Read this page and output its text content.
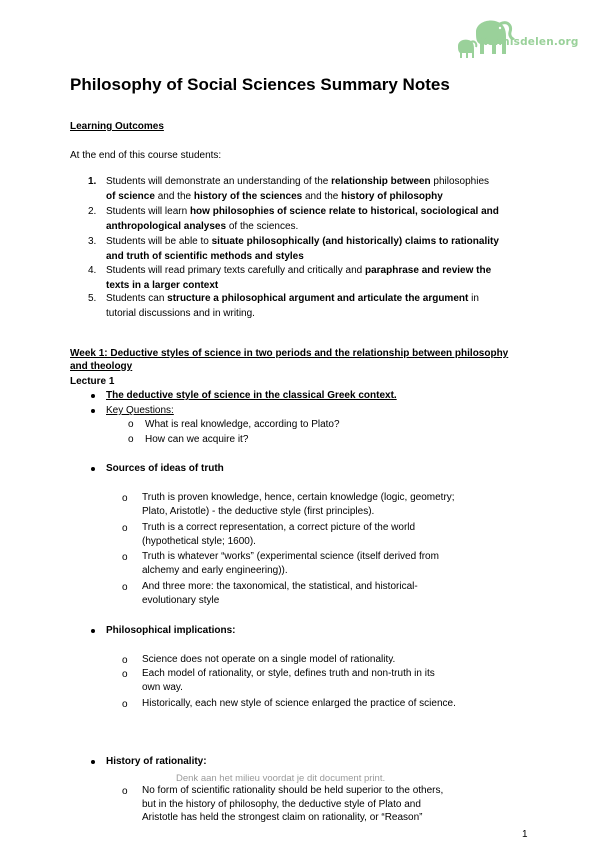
Kennisdelen.org
Philosophy of Social Sciences Summary Notes
Learning Outcomes
At the end of this course students:
Week 1: Deductive styles of science in two periods and the relationship between philosophy
and theology
Lecture 1
The deductive style of science in the classical Greek context.
Key Questions:
o What is real knowledge, according to Plato?
o How can we acquire it?
Sources of ideas of truth
Philosophical implications:
History of rationality:
Denk aan het milieu voordat je dit document print.
1
1. Students will demonstrate an understanding of the relationship between philosophies
of science and the history of the sciences and the history of philosophy
2. Students will learn how philosophies of science relate to historical, sociological and
anthropological analyses of the sciences.
3. Students will be able to situate philosophically (and historically) claims to rationality
and truth of scientific methods and styles
4. Students will read primary texts carefully and critically and paraphrase and review the
texts in a larger context
5. Students can structure a philosophical argument and articulate the argument in
tutorial discussions and in writing.
o Truth is proven knowledge, hence, certain knowledge (logic, geometry;
Plato, Aristotle) - the deductive style (first principles).
o Truth is a correct representation, a correct picture of the world
(hypothetical style; 1600).
o Truth is whatever “works” (experimental science (itself derived from
alchemy and early engineering)).
o And three more: the taxonomical, the statistical, and historical-
evolutionary style
o Science does not operate on a single model of rationality.
o Each model of rationality, or style, defines truth and non-truth in its
own way.
o Historically, each new style of science enlarged the practice of science.
o No form of scientific rationality should be held superior to the others,
but in the history of philosophy, the deductive style of Plato and
Aristotle has held the strongest claim on rationality, or “Reason”
